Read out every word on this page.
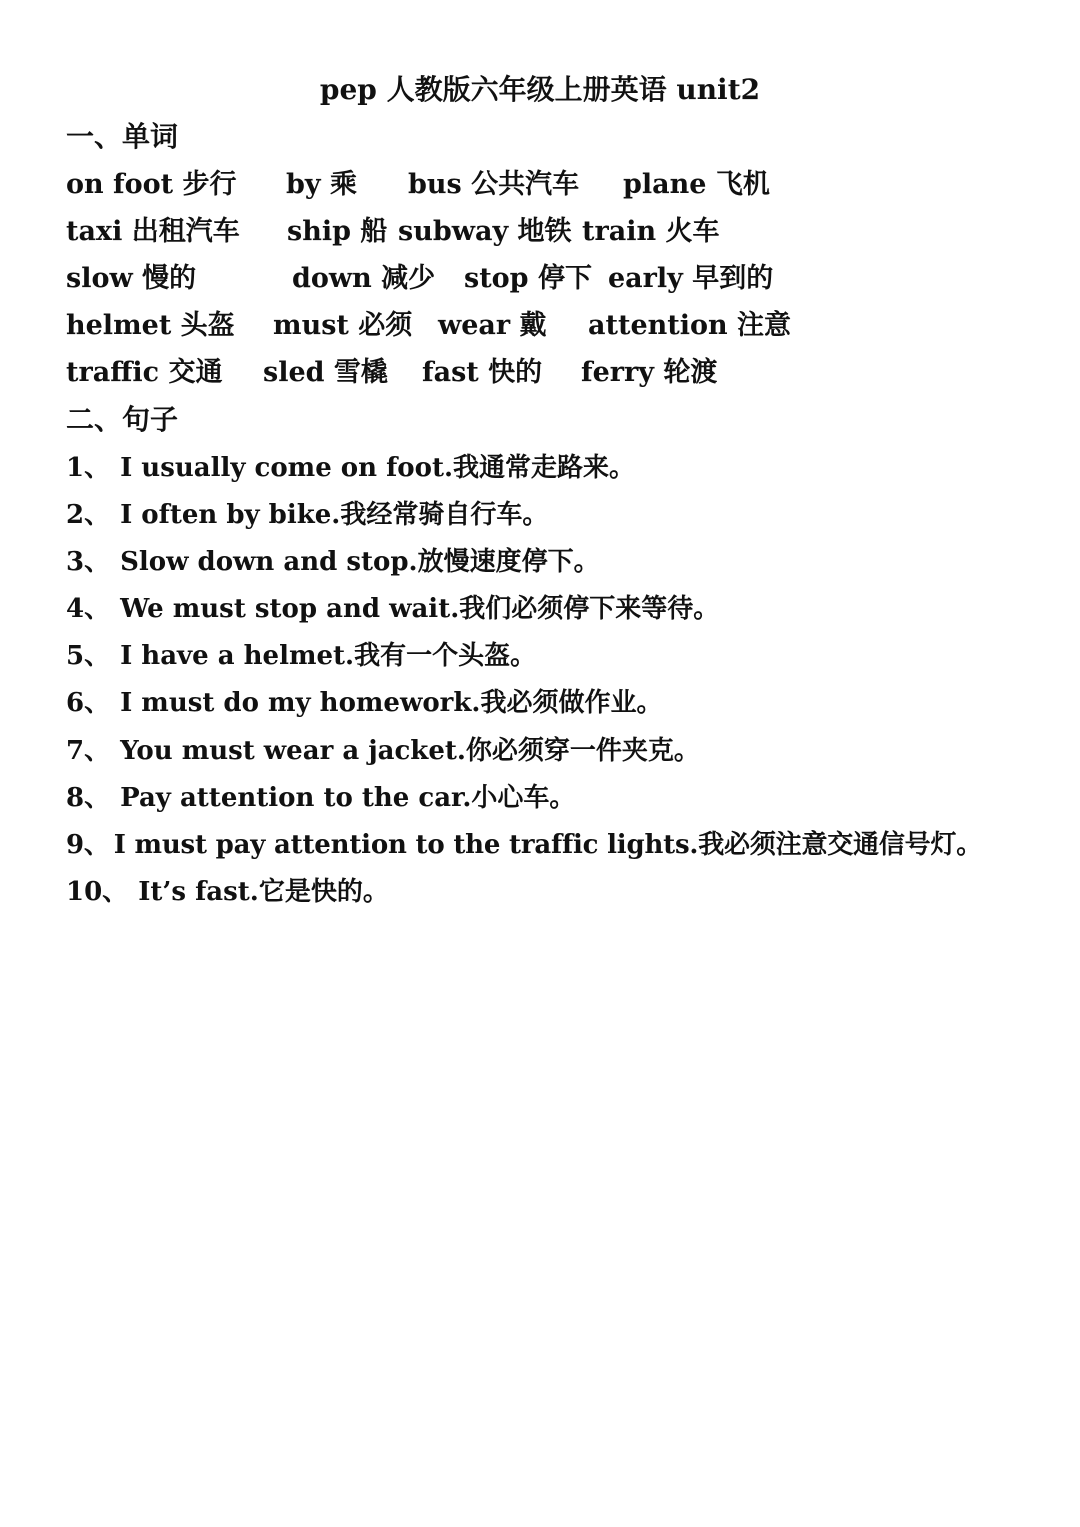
pep 人教版六年级上册英语 unit2
一、单词
on foot 步行 by 乘 bus 公共汽车 plane 飞机
taxi 出租汽车 ship 船 subway 地铁 train 火车
slow 慢的	down 减少 stop 停下 early 早到的
helmet 头盔 must 必须 wear 戴 attention 注意
traffic 交通 sled 雪橇 fast 快的 ferry 轮渡
二、句子
1、 I usually come on foot.我通常走路来。
2、 I often by bike.我经常骑自行车。
3、 Slow down and stop.放慢速度停下。
4、 We must stop and wait.我们必须停下来等待。
5、 I have a helmet.我有一个头盔。
6、 I must do my homework.我必须做作业。
7、 You must wear a jacket.你必须穿一件夹克。
8、 Pay attention to the car.小心车。
9、 I must pay attention to the traffic lights.我必须注意交通信号灯。
10、 It’s fast.它是快的。
